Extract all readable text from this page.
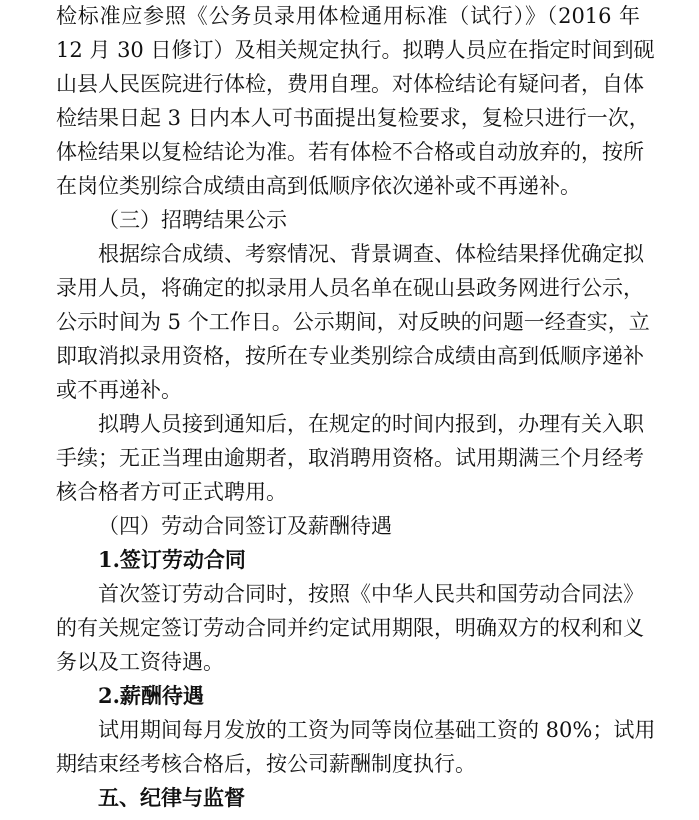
检标准应参照《公务员录用体检通用标准（试行）》（2016 年
12 月 30 日修订）及相关规定执行。拟聘人员应在指定时间到砚
山县人民医院进行体检，费用自理。对体检结论有疑问者，自体
检结果日起 3 日内本人可书面提出复检要求，复检只进行一次，
体检结果以复检结论为准。若有体检不合格或自动放弃的，按所
在岗位类别综合成绩由高到低顺序依次递补或不再递补。
（三）招聘结果公示
根据综合成绩、考察情况、背景调查、体检结果择优确定拟
录用人员，将确定的拟录用人员名单在砚山县政务网进行公示，
公示时间为 5 个工作日。公示期间，对反映的问题一经查实，立
即取消拟录用资格，按所在专业类别综合成绩由高到低顺序递补
或不再递补。
拟聘人员接到通知后，在规定的时间内报到，办理有关入职
手续；无正当理由逾期者，取消聘用资格。试用期满三个月经考
核合格者方可正式聘用。
（四）劳动合同签订及薪酬待遇
1.签订劳动合同
首次签订劳动合同时，按照《中华人民共和国劳动合同法》
的有关规定签订劳动合同并约定试用期限，明确双方的权利和义
务以及工资待遇。
2.薪酬待遇
试用期间每月发放的工资为同等岗位基础工资的 80%；试用
期结束经考核合格后，按公司薪酬制度执行。
五、纪律与监督
